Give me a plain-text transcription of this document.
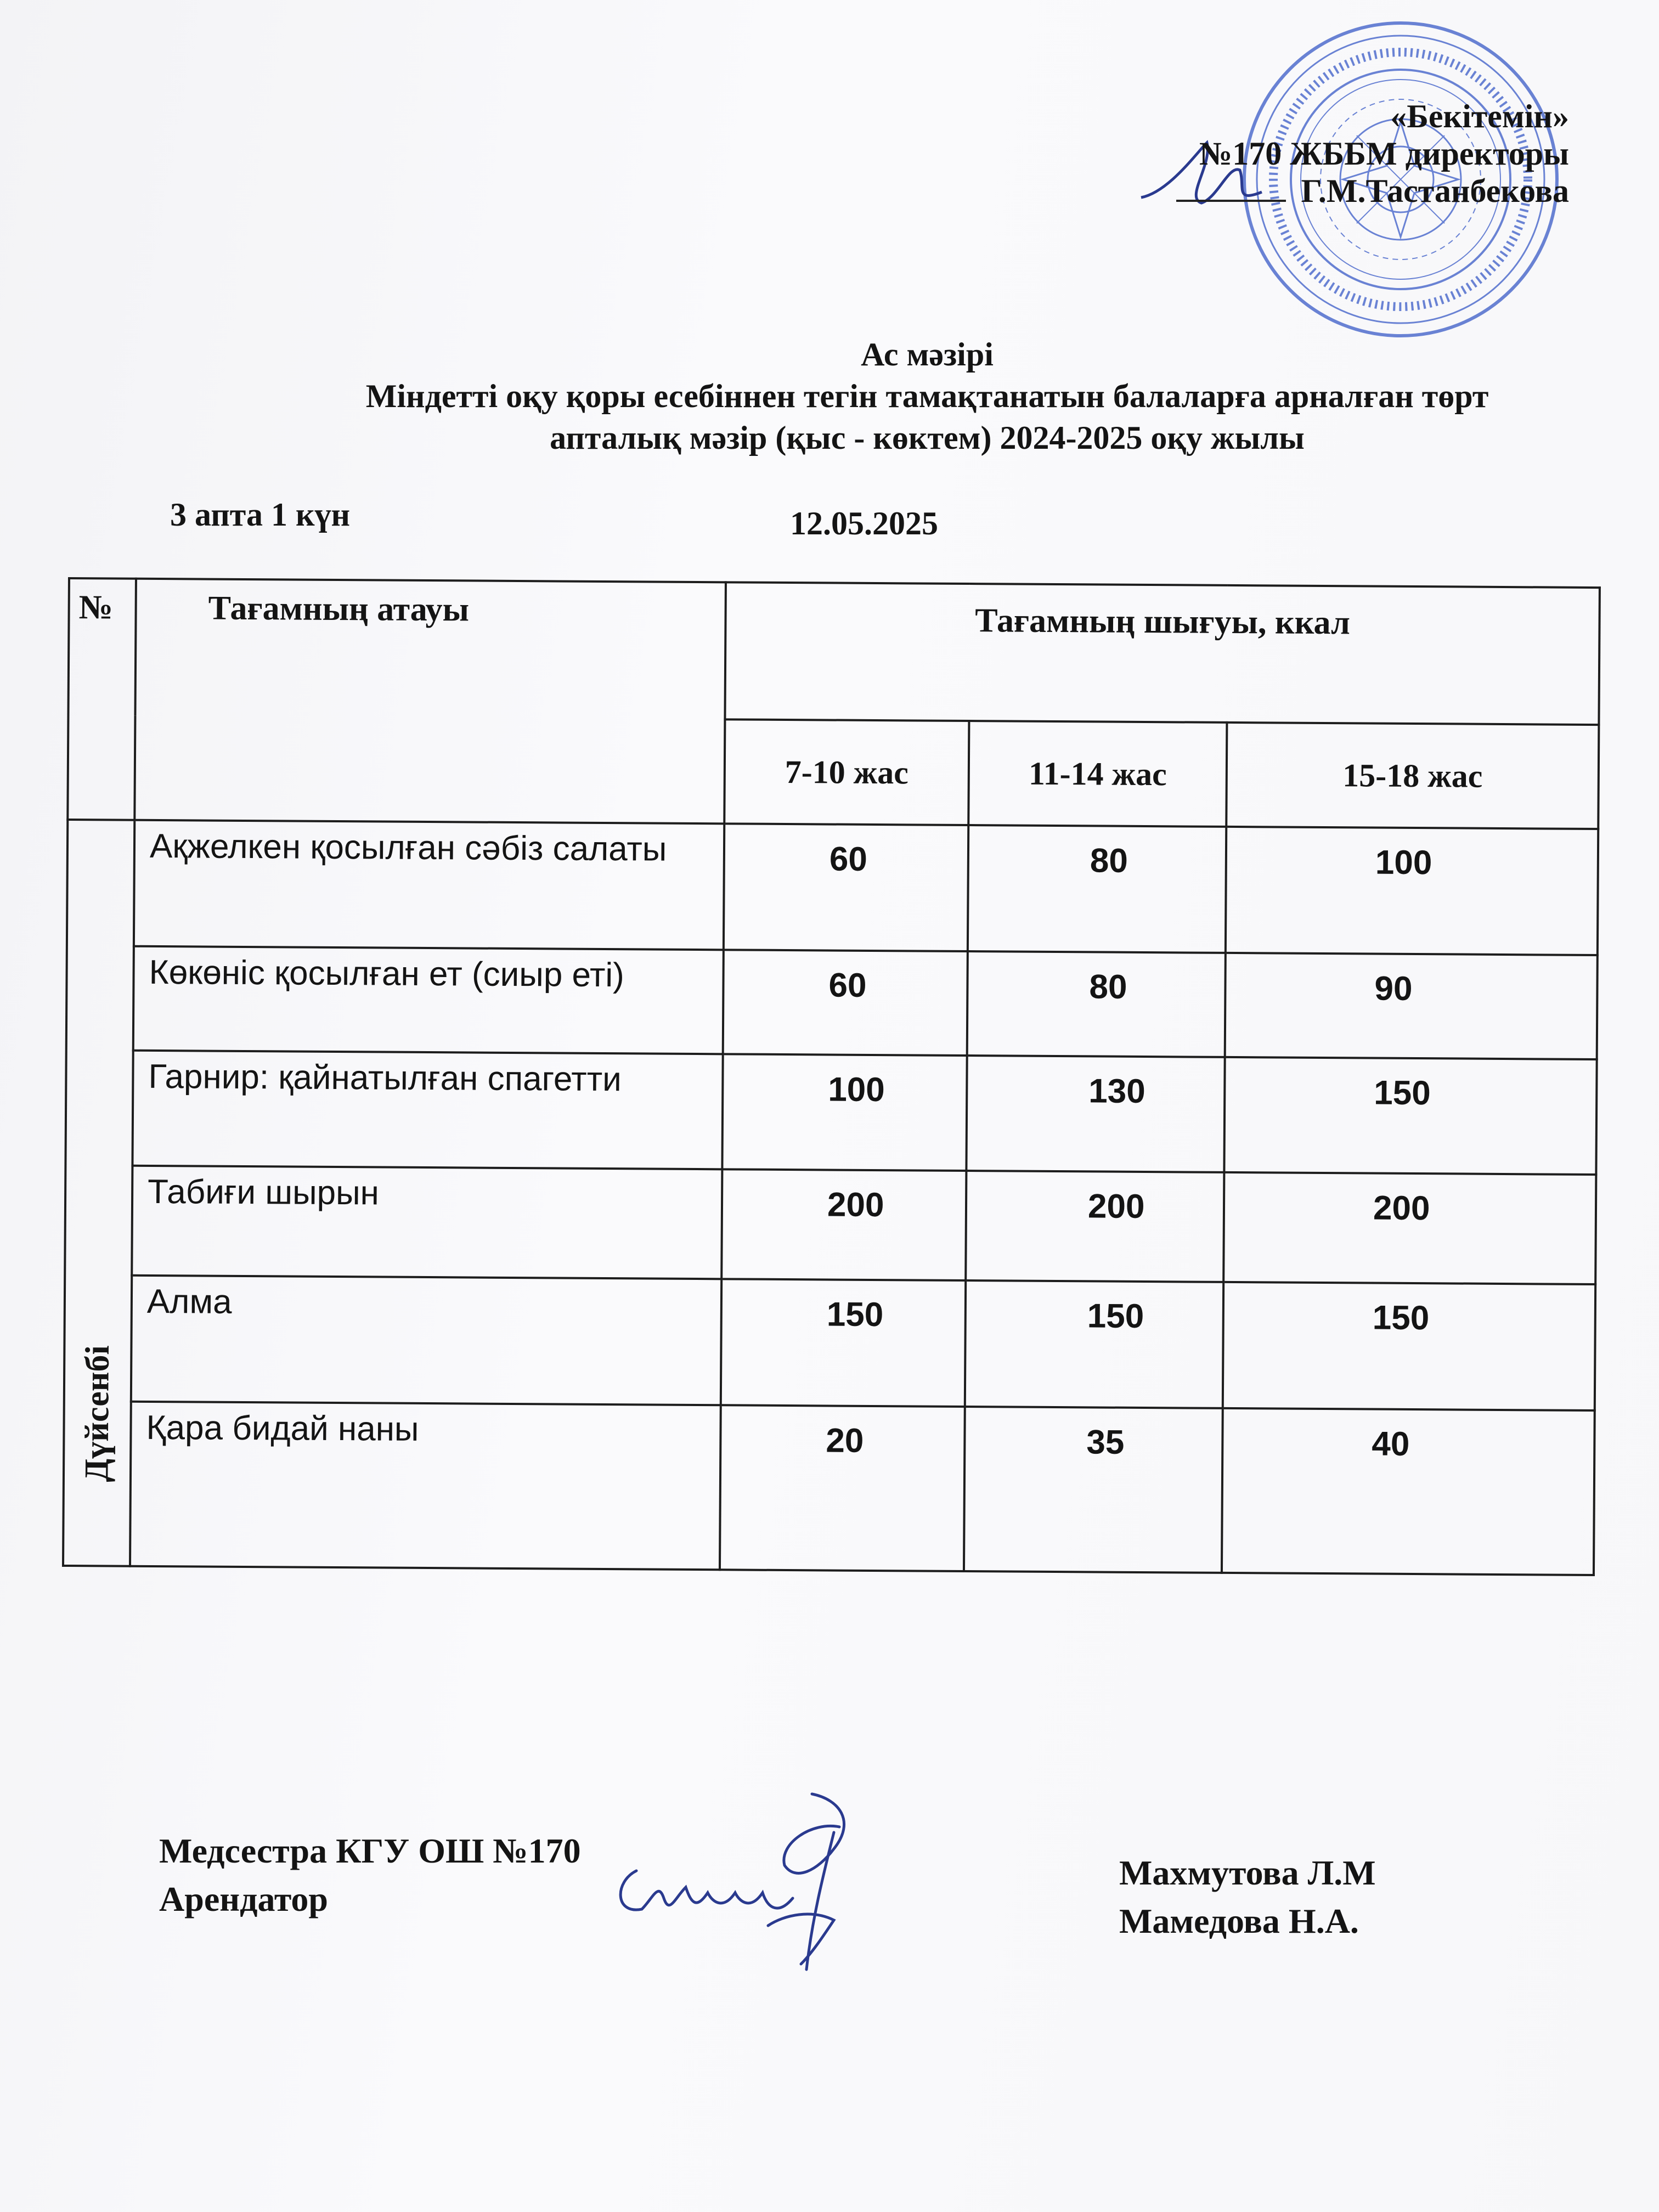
«Бекітемін»
№170 ЖББМ директоры
Г.М.Тастанбекова
Ас мәзірі
Міндетті оқу қоры есебіннен тегін тамақтанатын балаларға арналған төрт
апталық мәзір (қыс - көктем) 2024-2025 оқу жылы
3 апта 1 күн	12.05.2025
№	Тағамның атауы	Тағамның шығуы, ккал		
		7-10 жас	11-14 жас	15-18 жас

Дүйсенбі	Ақжелкен қосылған сәбіз салаты	60	80	100
	Көкөніс қосылған ет (сиыр еті)	60	80	90
	Гарнир: қайнатылған спагетти	100	130	150
	Табиғи шырын	200	200	200
	Алма	150	150	150
	Қара бидай наны	20	35	40
Медсестра КГУ ОШ №170
Арендатор
Махмутова Л.М
Мамедова Н.А.
